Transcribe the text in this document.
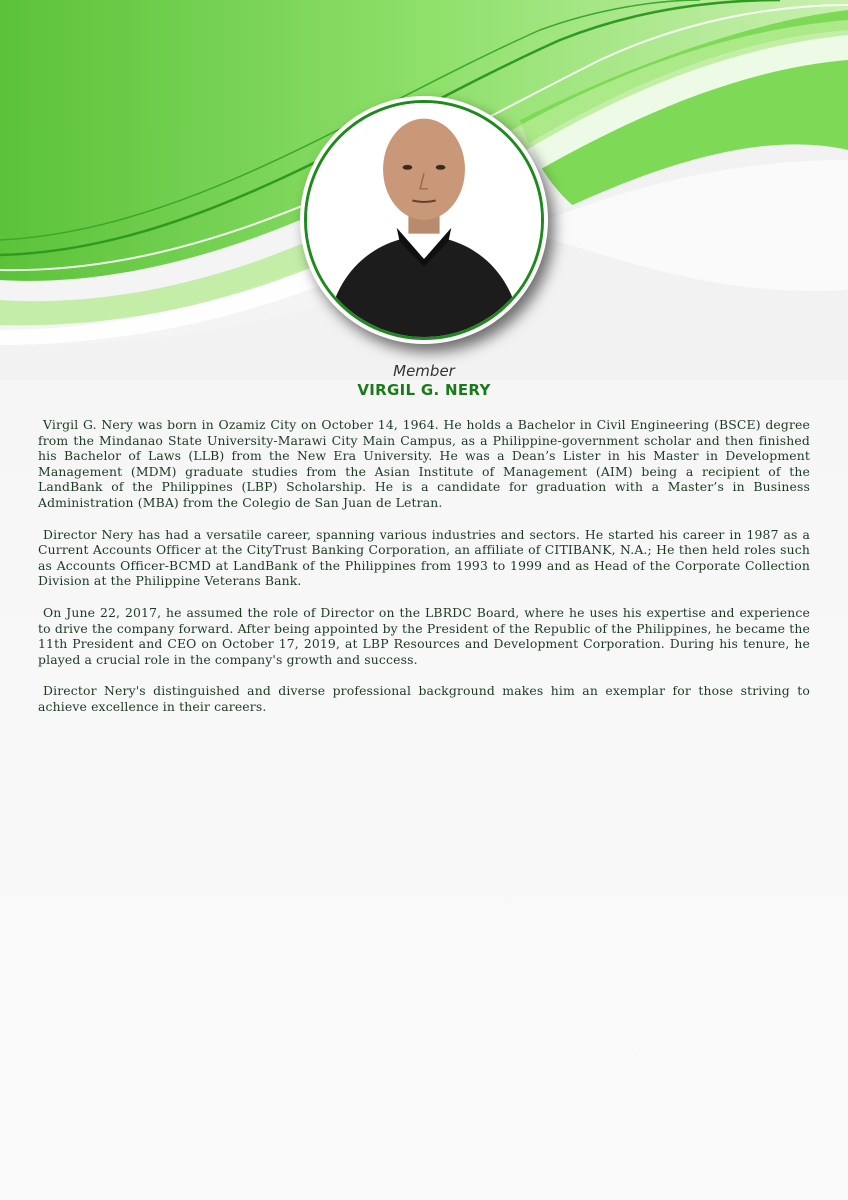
Member
VIRGIL G. NERY

Virgil G. Nery was born in Ozamiz City on October 14, 1964. He holds a Bachelor in Civil Engineering (BSCE) degree from the Mindanao State University-Marawi City Main Campus, as a Philippine-government scholar and then finished his Bachelor of Laws (LLB) from the New Era University. He was a Dean’s Lister in his Master in Development Management (MDM) graduate studies from the Asian Institute of Management (AIM) being a recipient of the LandBank of the Philippines (LBP) Scholarship. He is a candidate for graduation with a Master’s in Business Administration (MBA) from the Colegio de San Juan de Letran.

Director Nery has had a versatile career, spanning various industries and sectors. He started his career in 1987 as a Current Accounts Officer at the CityTrust Banking Corporation, an affiliate of CITIBANK, N.A.; He then held roles such as Accounts Officer-BCMD at LandBank of the Philippines from 1993 to 1999 and as Head of the Corporate Collection Division at the Philippine Veterans Bank.

On June 22, 2017, he assumed the role of Director on the LBRDC Board, where he uses his expertise and experience to drive the company forward. After being appointed by the President of the Republic of the Philippines, he became the 11th President and CEO on October 17, 2019, at LBP Resources and Development Corporation. During his tenure, he played a crucial role in the company's growth and success.

Director Nery's distinguished and diverse professional background makes him an exemplar for those striving to achieve excellence in their careers.
